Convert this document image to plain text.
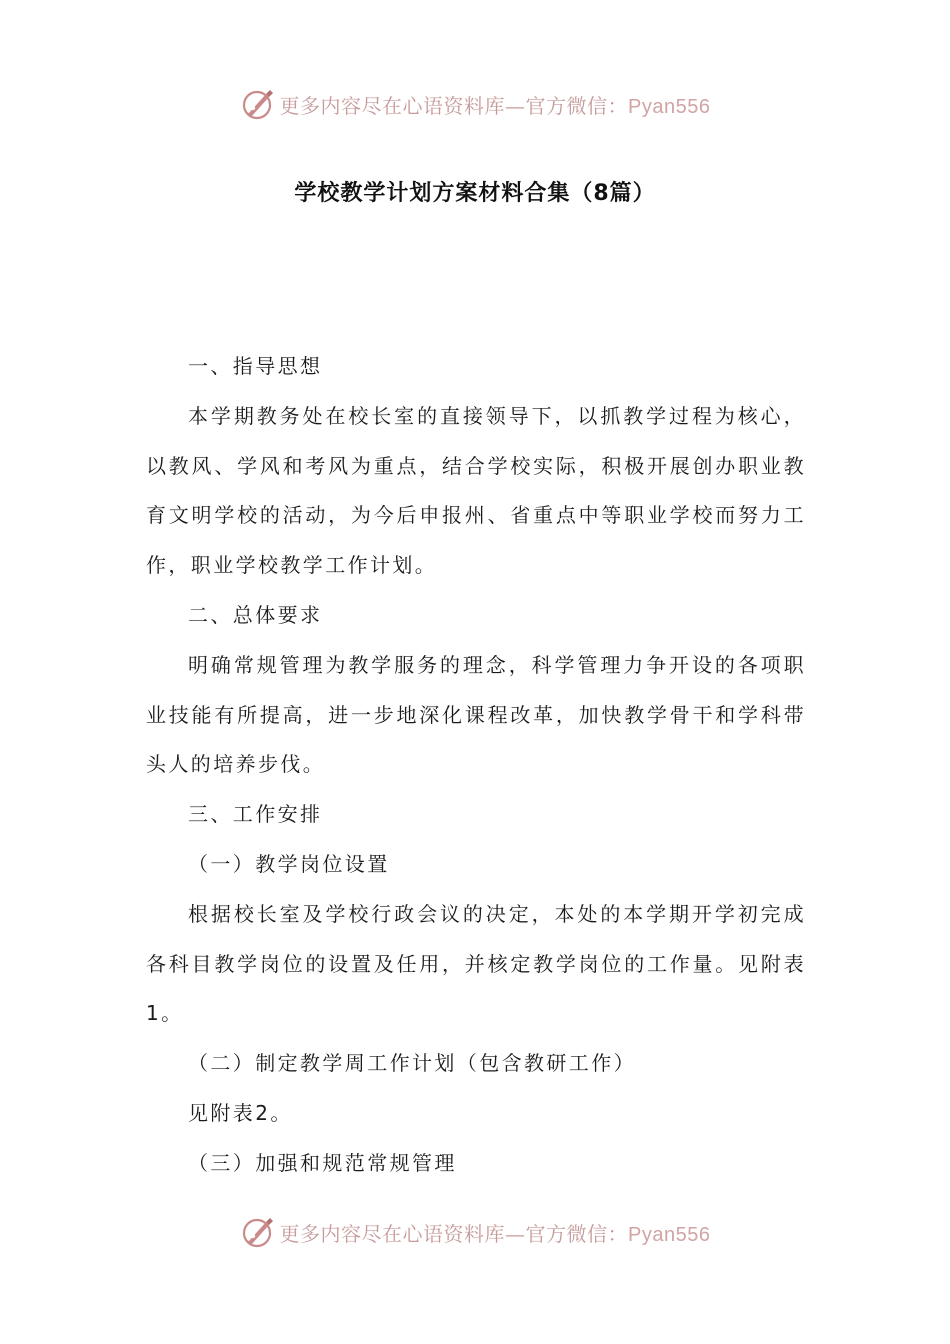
更多内容尽在心语资料库—官方微信：Pyan556
学校教学计划方案材料合集（8篇）

一、指导思想

本学期教务处在校长室的直接领导下，以抓教学过程为核心，以教风、学风和考风为重点，结合学校实际，积极开展创办职业教育文明学校的活动，为今后申报州、省重点中等职业学校而努力工作，职业学校教学工作计划。

二、总体要求

明确常规管理为教学服务的理念，科学管理力争开设的各项职业技能有所提高，进一步地深化课程改革，加快教学骨干和学科带头人的培养步伐。

三、工作安排

（一）教学岗位设置

根据校长室及学校行政会议的决定，本处的本学期开学初完成各科目教学岗位的设置及任用，并核定教学岗位的工作量。见附表1。

（二）制定教学周工作计划（包含教研工作）

见附表2。

（三）加强和规范常规管理

更多内容尽在心语资料库—官方微信：Pyan556
